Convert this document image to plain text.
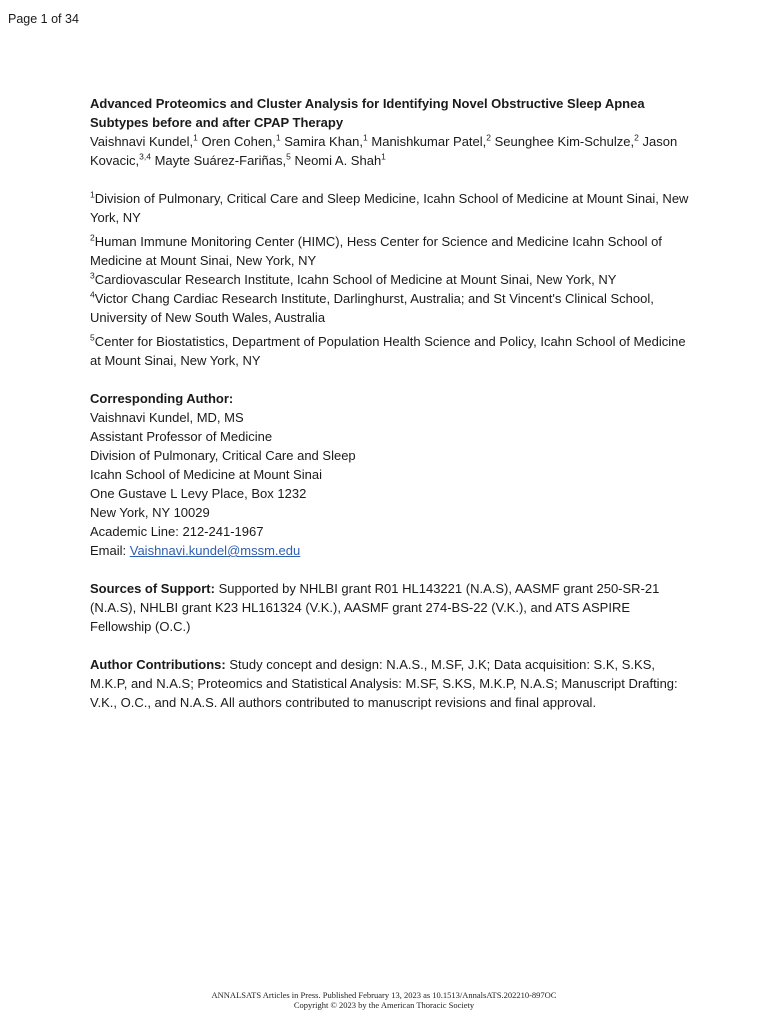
Page 1 of 34

Advanced Proteomics and Cluster Analysis for Identifying Novel Obstructive Sleep Apnea Subtypes before and after CPAP Therapy

Vaishnavi Kundel,$^1$ Oren Cohen,$^1$ Samira Khan,$^1$ Manishkumar Patel,$^2$ Seunghee Kim-Schulze,$^2$ Jason Kovacic,$^{3,4}$ Mayte Suárez-Fariñas,$^5$ Neomi A. Shah$^1$

$^1$Division of Pulmonary, Critical Care and Sleep Medicine, Icahn School of Medicine at Mount Sinai, New York, NY

$^2$Human Immune Monitoring Center (HIMC), Hess Center for Science and Medicine Icahn School of Medicine at Mount Sinai, New York, NY

$^3$Cardiovascular Research Institute, Icahn School of Medicine at Mount Sinai, New York, NY

$^4$Victor Chang Cardiac Research Institute, Darlinghurst, Australia; and St Vincent's Clinical School, University of New South Wales, Australia

$^5$Center for Biostatistics, Department of Population Health Science and Policy, Icahn School of Medicine at Mount Sinai, New York, NY

Corresponding Author:
Vaishnavi Kundel, MD, MS
Assistant Professor of Medicine
Division of Pulmonary, Critical Care and Sleep
Icahn School of Medicine at Mount Sinai
One Gustave L Levy Place, Box 1232
New York, NY 10029
Academic Line: 212-241-1967
Email: Vaishnavi.kundel@mssm.edu
Sources of Support: Supported by NHLBI grant R01 HL143221 (N.A.S), AASMF grant 250-SR-21 (N.A.S), NHLBI grant K23 HL161324 (V.K.), AASMF grant 274-BS-22 (V.K.), and ATS ASPIRE Fellowship (O.C.)
Author Contributions: Study concept and design: N.A.S., M.SF, J.K; Data acquisition: S.K, S.KS, M.K.P, and N.A.S; Proteomics and Statistical Analysis: M.SF, S.KS, M.K.P, N.A.S; Manuscript Drafting: V.K., O.C., and N.A.S. All authors contributed to manuscript revisions and final approval.
ANNALSATS Articles in Press. Published February 13, 2023 as 10.1513/AnnalsATS.202210-897OC
Copyright © 2023 by the American Thoracic Society
